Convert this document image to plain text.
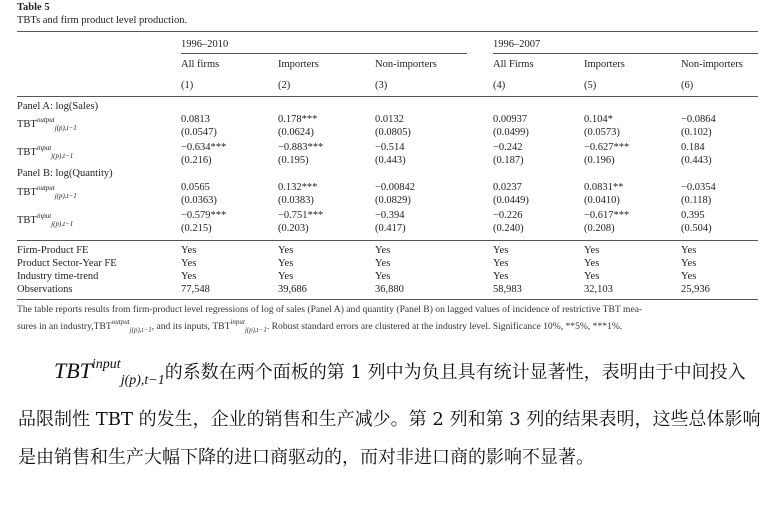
Table 5
TBTs and firm product level production.
1996–2010	1996–2007
All firms	Importers	Non-importers	All Firms	Importers	Non-importers
(1)	(2)	(3)	(4)	(5)	(6)
Panel A: log(Sales)
$TBT^{output}_{j(p),t-1}$
0.0813	0.178***	0.0132	0.00937	0.104*	−0.0864
(0.0547)	(0.0624)	(0.0805)	(0.0499)	(0.0573)	(0.102)
$TBT^{input}_{j(p),t-1}$
−0.634***	−0.883***	−0.514	−0.242	−0.627***	0.184
(0.216)	(0.195)	(0.443)	(0.187)	(0.196)	(0.443)
Panel B: log(Quantity)
$TBT^{output}_{j(p),t-1}$
0.0565	0.132***	−0.00842	0.0237	0.0831**	−0.0354
(0.0363)	(0.0383)	(0.0829)	(0.0449)	(0.0410)	(0.118)
$TBT^{input}_{j(p),t-1}$
−0.579***	−0.751***	−0.394	−0.226	−0.617***	0.395
(0.215)	(0.203)	(0.417)	(0.240)	(0.208)	(0.504)
Firm-Product FE	Yes	Yes	Yes	Yes	Yes	Yes
Product Sector-Year FE	Yes	Yes	Yes	Yes	Yes	Yes
Industry time-trend	Yes	Yes	Yes	Yes	Yes	Yes
Observations	77,548	39,686	36,880	58,983	32,103	25,936
The table reports results from firm-product level regressions of log of sales (Panel A) and quantity (Panel B) on lagged values of incidence of restrictive TBT mea-
sures in an $industry,TBT^{output}_{j(p),t-1}$, and its inputs, $TBT^{input}_{j(p),t-1}$. Robust standard errors are clustered at the industry level. Significance 10%, **5%, ***1%.

$TBT^{input}_{j(p),t-1}$的系数在两个面板的第 1 列中为负且具有统计显著性，表明由于中间投入品限制性 TBT 的发生，企业的销售和生产减少。第 2 列和第 3 列的结果表明，这些总体影响是由销售和生产大幅下降的进口商驱动的，而对非进口商的影响不显著。
